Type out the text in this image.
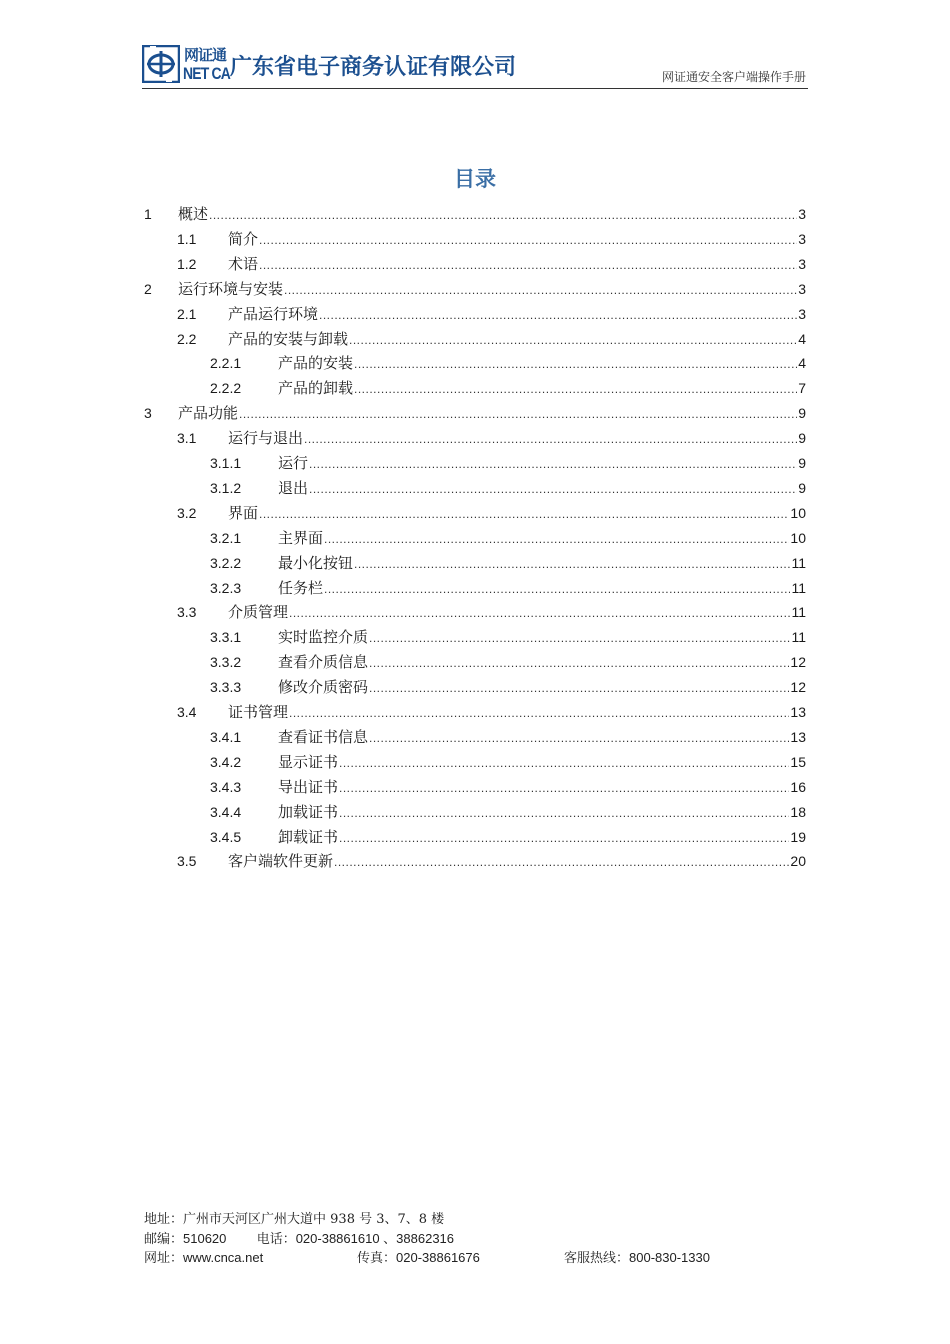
网证通
NET CA 广东省电子商务认证有限公司	网证通安全客户端操作手册
目录
1	概述 .....	3
1.1	简介 .....	3
1.2	术语 .....	3
2	运行环境与安装 .....	3
2.1	产品运行环境 .....	3
2.2	产品的安装与卸载 .....	4
2.2.1	产品的安装 .....	4
2.2.2	产品的卸载 .....	7
3	产品功能 .....	9
3.1	运行与退出 .....	9
3.1.1	运行 .....	9
3.1.2	退出 .....	9
3.2	界面 .....	10
3.2.1	主界面 .....	10
3.2.2	最小化按钮 .....	11
3.2.3	任务栏 .....	11
3.3	介质管理 .....	11
3.3.1	实时监控介质 .....	11
3.3.2	查看介质信息 .....	12
3.3.3	修改介质密码 .....	12
3.4	证书管理 .....	13
3.4.1	查看证书信息 .....	13
3.4.2	显示证书 .....	15
3.4.3	导出证书 .....	16
3.4.4	加载证书 .....	18
3.4.5	卸载证书 .....	19
3.5	客户端软件更新 .....	20
地址：广州市天河区广州大道中 938 号 3、7、8 楼
邮编：510620 电话：020-38861610 、38862316
网址：www.cnca.net	传真：020-38861676	客服热线：800-830-1330
